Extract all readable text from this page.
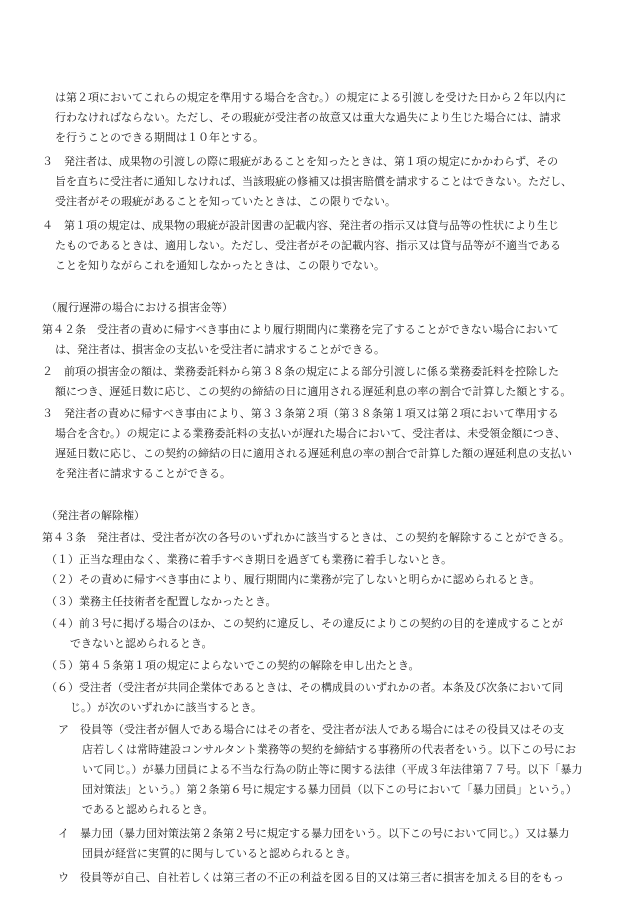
は第２項においてこれらの規定を準用する場合を含む。）の規定による引渡しを受けた日から２年以内に
行わなければならない。ただし、その瑕疵が受注者の故意又は重大な過失により生じた場合には、請求
を行うことのできる期間は１０年とする。
３　発注者は、成果物の引渡しの際に瑕疵があることを知ったときは、第１項の規定にかかわらず、その
旨を直ちに受注者に通知しなければ、当該瑕疵の修補又は損害賠償を請求することはできない。ただし、
受注者がその瑕疵があることを知っていたときは、この限りでない。
４　第１項の規定は、成果物の瑕疵が設計図書の記載内容、発注者の指示又は貸与品等の性状により生じ
たものであるときは、適用しない。ただし、受注者がその記載内容、指示又は貸与品等が不適当である
ことを知りながらこれを通知しなかったときは、この限りでない。
（履行遅滞の場合における損害金等）
第４２条　受注者の責めに帰すべき事由により履行期間内に業務を完了することができない場合において
は、発注者は、損害金の支払いを受注者に請求することができる。
２　前項の損害金の額は、業務委託料から第３８条の規定による部分引渡しに係る業務委託料を控除した
額につき、遅延日数に応じ、この契約の締結の日に適用される遅延利息の率の割合で計算した額とする。
３　発注者の責めに帰すべき事由により、第３３条第２項（第３８条第１項又は第２項において準用する
場合を含む。）の規定による業務委託料の支払いが遅れた場合において、受注者は、未受領金額につき、
遅延日数に応じ、この契約の締結の日に適用される遅延利息の率の割合で計算した額の遅延利息の支払い
を発注者に請求することができる。
（発注者の解除権）
第４３条　発注者は、受注者が次の各号のいずれかに該当するときは、この契約を解除することができる。
（１）正当な理由なく、業務に着手すべき期日を過ぎても業務に着手しないとき。
（２）その責めに帰すべき事由により、履行期間内に業務が完了しないと明らかに認められるとき。
（３）業務主任技術者を配置しなかったとき。
（４）前３号に掲げる場合のほか、この契約に違反し、その違反によりこの契約の目的を達成することが
できないと認められるとき。
（５）第４５条第１項の規定によらないでこの契約の解除を申し出たとき。
（６）受注者（受注者が共同企業体であるときは、その構成員のいずれかの者。本条及び次条において同
じ。）が次のいずれかに該当するとき。
ア　役員等（受注者が個人である場合にはその者を、受注者が法人である場合にはその役員又はその支
店若しくは常時建設コンサルタント業務等の契約を締結する事務所の代表者をいう。以下この号にお
いて同じ。）が暴力団員による不当な行為の防止等に関する法律（平成３年法律第７７号。以下「暴力
団対策法」という。）第２条第６号に規定する暴力団員（以下この号において「暴力団員」という。）
であると認められるとき。
イ　暴力団（暴力団対策法第２条第２号に規定する暴力団をいう。以下この号において同じ。）又は暴力
団員が経営に実質的に関与していると認められるとき。
ウ　役員等が自己、自社若しくは第三者の不正の利益を図る目的又は第三者に損害を加える目的をもっ
